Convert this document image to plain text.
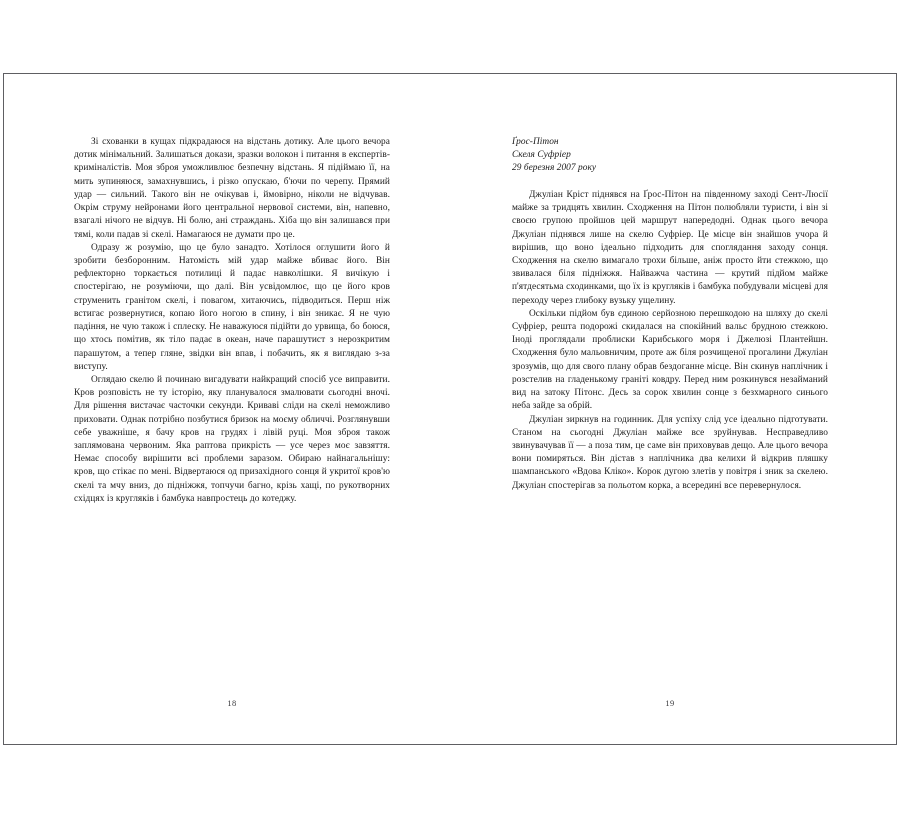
Зі схованки в кущах підкрадаюся на відстань дотику. Але цього вечора дотик мінімальний. Залишаться докази, зразки волокон і питання в експертів-криміналістів. Моя зброя уможливлює безпечну відстань. Я підіймаю її, на мить зупиняюся, замахнувшись, і різко опускаю, б'ючи по черепу. Прямий удар — сильний. Такого він не очікував і, ймовірно, ніколи не відчував. Окрім струму нейронами його центральної нервової системи, він, напевно, взагалі нічого не відчув. Ні болю, ані страждань. Хіба що він залишався при тямі, коли падав зі скелі. Намагаюся не думати про це.

Одразу ж розумію, що це було занадто. Хотілося оглушити його й зробити безборонним. Натомість мій удар майже вбиває його. Він рефлекторно торкається потилиці й падає навколішки. Я вичікую і спостерігаю, не розуміючи, що далі. Він усвідомлює, що це його кров струменить гранітом скелі, і повагом, хитаючись, підводиться. Перш ніж встигає розвернутися, копаю його ногою в спину, і він зникає. Я не чую падіння, не чую також і сплеску. Не наважуюся підійти до урвища, бо боюся, що хтось помітив, як тіло падає в океан, наче парашутист з нерозкритим парашутом, а тепер гляне, звідки він впав, і побачить, як я виглядаю з-за виступу.

Оглядаю скелю й починаю вигадувати найкращий спосіб усе виправити. Кров розповість не ту історію, яку планувалося змалювати сьогодні вночі. Для рішення вистачає часточки секунди. Криваві сліди на скелі неможливо приховати. Однак потрібно позбутися бризок на моєму обличчі. Розглянувши себе уважніше, я бачу кров на грудях і лівій руці. Моя зброя також заплямована червоним. Яка раптова прикрість — усе через моє завзяття. Немає способу вирішити всі проблеми заразом. Обираю найнагальнішу: кров, що стікає по мені. Відвертаюся од призахідного сонця й укритої кров'ю скелі та мчу вниз, до підніжжя, топчучи багно, крізь хащі, по рукотворних східцях із кругляків і бамбука навпростець до котеджу.

18
Ґрос-Пітон
Скеля Суфріер
29 березня 2007 року

Джуліан Кріст піднявся на Ґрос-Пітон на південному заході Сент-Люсії майже за тридцять хвилин. Сходження на Пітон полюбляли туристи, і він зі своєю групою пройшов цей маршрут напередодні. Однак цього вечора Джуліан піднявся лише на скелю Суфріер. Це місце він знайшов учора й вирішив, що воно ідеально підходить для споглядання заходу сонця. Сходження на скелю вимагало трохи більше, аніж просто йти стежкою, що звивалася біля підніжжя. Найважча частина — крутий підйом майже п'ятдесятьма сходинками, що їх із кругляків і бамбука побудували місцеві для переходу через глибоку вузьку ущелину.

Оскільки підйом був єдиною серйозною перешкодою на шляху до скелі Суфріер, решта подорожі скидалася на спокійний вальс брудною стежкою. Іноді проглядали проблиски Карибського моря і Джелюзі Плантейшн. Сходження було мальовничим, проте аж біля розчищеної прогалини Джуліан зрозумів, що для свого плану обрав бездоганне місце. Він скинув наплічник і розстелив на гладенькому граніті ковдру. Перед ним розкинувся незайманий вид на затоку Пітонс. Десь за сорок хвилин сонце з безхмарного синього неба зайде за обрій.

Джуліан зиркнув на годинник. Для успіху слід усе ідеально підготувати. Станом на сьогодні Джуліан майже все зруйнував. Несправедливо звинувачував її — а поза тим, це саме він приховував дещо. Але цього вечора вони помиряться. Він дістав з наплічника два келихи й відкрив пляшку шампанського «Вдова Кліко». Корок дугою злетів у повітря і зник за скелею. Джуліан спостерігав за польотом корка, а всередині все перевернулося.

19
